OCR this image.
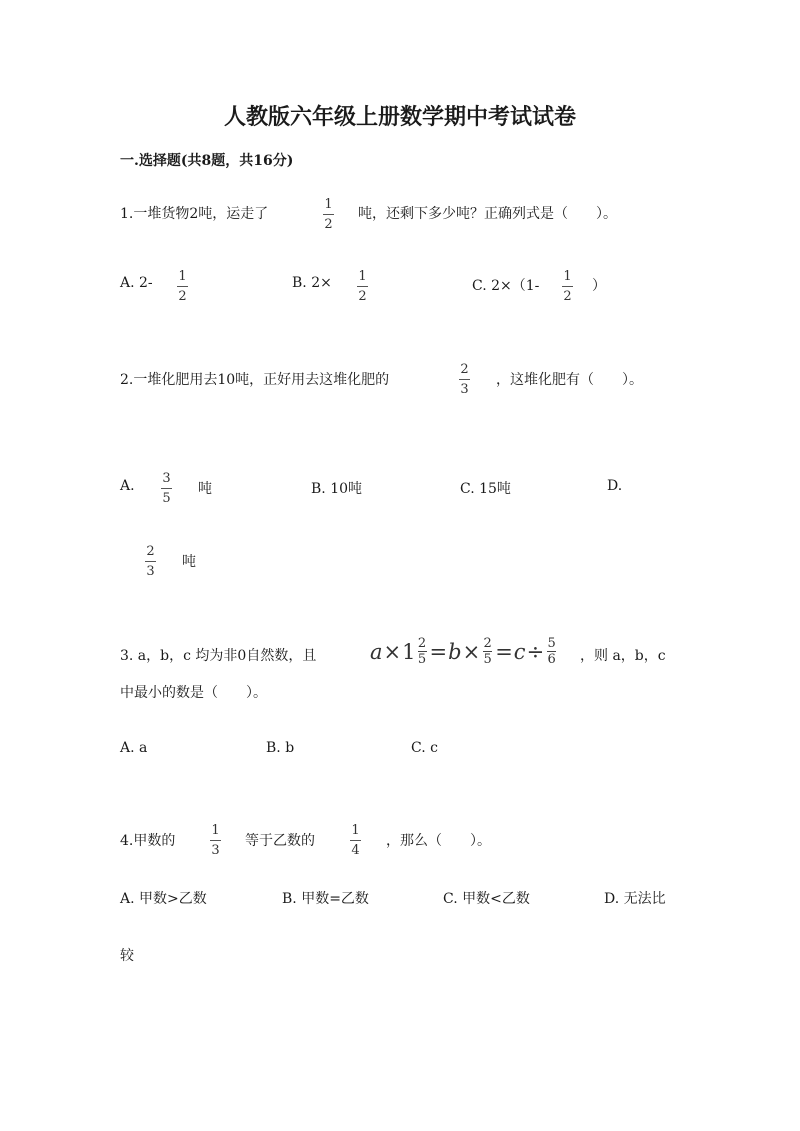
人教版六年级上册数学期中考试试卷
一.选择题(共8题，共16分)
1.一堆货物2吨，运走了
1
2
吨，还剩下多少吨？正确列式是（　　）。
A. 2- 1
2
B. 2× 1
2
C. 2×（1-
1
2
）
2.一堆化肥用去10吨，正好用去这堆化肥的
2
3
，这堆化肥有（　　）。
A. 3
5
吨	B. 10吨	C. 15吨	D.
2
3
吨
3. a，b，c 均为非0自然数，且	a × 1 2
5 = b × 2
5 = c ÷ 5
6 ，则 a，b，c
中最小的数是（　　）。
A. a	B. b	C. c
4.甲数的
1
3
等于乙数的
1
4
，那么（　　）。
A. 甲数>乙数	B. 甲数=乙数	C. 甲数<乙数	D. 无法比
较
